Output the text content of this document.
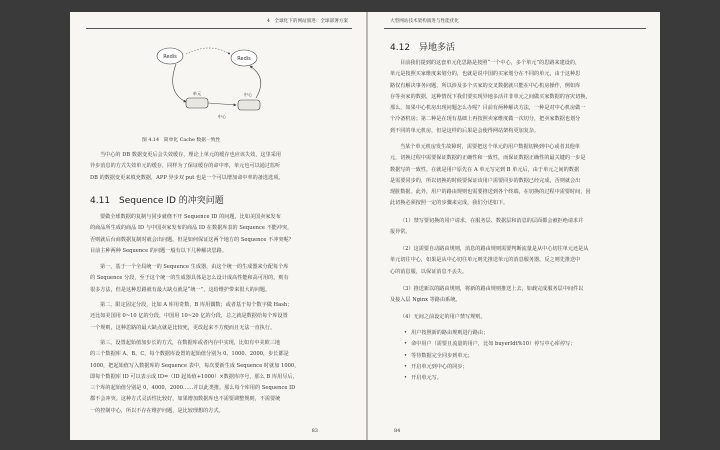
4　全球化下的网站演进：全球部署方案
Redis	Redis
单元	中心
中心
图 4.14　简单化 Cache 数据一致性

当中心的 DB 数据变更后会失效缓存，理论上单元的缓存也应该失效，这里采用

异步消息的方式失效单元的缓存，同样为了保证缓存的命中率，单元也可以通过监听

DB 的数据变更来填充数据，APP 异步双 put 也是一个可以增加命中率的备选选项。

4.11　Sequence ID 的冲突问题

要做全球数据的复制与同步就绕不开 Sequence ID 的问题，比如美国卖家发布

的商品所生成的商品 ID 与中国卖家发布的商品 ID 在数据库表的 Sequence 不能冲突，

否则就后台商数据复制时就会出问题。但是如何保证这两个地方的 Sequence 不冲突呢？

目前主种两种 Sequence 的问题一般有以下几种解决思路。

第一，基于一个全局统一的 Sequence 生成器，由这个统一的生成器来分配每个库

的 Sequence 分段，至于这个统一的生成器具体是怎么设计成高性能和高可用的，则有

很多方法，但是这种思路就有最大缺点就是“统一”，这给维护带来很大的问题。

第二，限定固定分段，比如 A 库用奇数，B 库用偶数；或者基于每个数字做 Hash；

还比如美国用 0~10 亿的分段，中国用 10~20 亿的分段，总之就是数据给每个库设置

一个规则，这种思路的最大缺点就是比较死，更改起来不方便而且无法一直执行。

第三，设置起始值加步长的方式，在数据库或者内存中实现，比如有中美欧三地

的三个数据库 A、B、C，每个数据库设置的起始值分别为 0、1000、2000，步长都是

1000，把起始值写入数据库的 Sequence 表中，每次要新生成 Sequence 时就加 1000，

即每个数据库 ID 可以表示成 ID=（ID 起始值+1000）×数据库序号，那么 B 库用尽后，

三个库的起始值分别是 0，4000，2000……并以此类推。那么每个库用的 Sequence ID

都不会冲突。这种方式灵活性比较好，如果增加数据库也不需要调整规则，不需要统

一的控制中心，所以不存在维护问题，是比较理想的方式。

83
大型网站技术架构演进与性能优化
4.12　异地多活

目前我们提到的这套单元化思路是按照“一个中心，多个单元”的思路来建设的，

单元是按照买家维度来划分的，也就是说中国的买家划分在不同的单元，由于这种思

路仅有解决事务问题，所以涉及多个买家的交叉数据就只能在中心机房操作，例如库

存等卖家的数据，这种情况下我们要实现异地多活并非单元之间做买家数据的容灾切换，

那么，如果中心机房出现问题怎么办呢？目前有两种解决方法，一种是对中心机房做一

个冷备机房；第二种是在现有基础上再按照卖家维度做一次切分，把卖家数据也划分

到不同的单元机房，但是这样的后果是会使得网站架构更加复杂。

当某个单元机房发生故障时，需要把这个单元的用户数据切换到中心或者其他单

元，切换过程中需要保证数据的正确性和一致性，而保证数据正确性的最关键的一步是

数据写的一致性，在就是用户原先在 A 单元写完到 B 单元后，由于单元之间的数据

是需要同步的，所以切换的时候要保证该用户需要同步的数据已经完成，否则就会出

现脏数据。此外，用户的路由规则也需要推送到各个终端，在切换的过程中需要时间，因

此切换必须按照一定的步骤来完成，我们分述如下。

（1）禁写要切换的用户请求，在服务层、数据层和消息的层面都会被拒绝请求并

报异常。

（2）这需要自动路由规则，消息的路由规则需要判断流量是从中心切往单元还是从

单元切往中心，如果是从中心切往单元则先推送单元的消息服务器，反之则先推送中

心的消息服，以保证消息不丢失。

（3）推送新以的路由规则，将新的路由规则推送上去，如载完成服务层中间件以

及接入层 Nginx 等路由系统。

（4）无间之前设定的用户禁写规则。

• 用户按照新的路由规则进行路由；
• 命中用户（需要且流量的用户，比如 buyerIdt%10）停写中心库停写；
• 等待数据完全同步到单元；
• 开启单元到中心的同步；
• 开启单元写。
84
